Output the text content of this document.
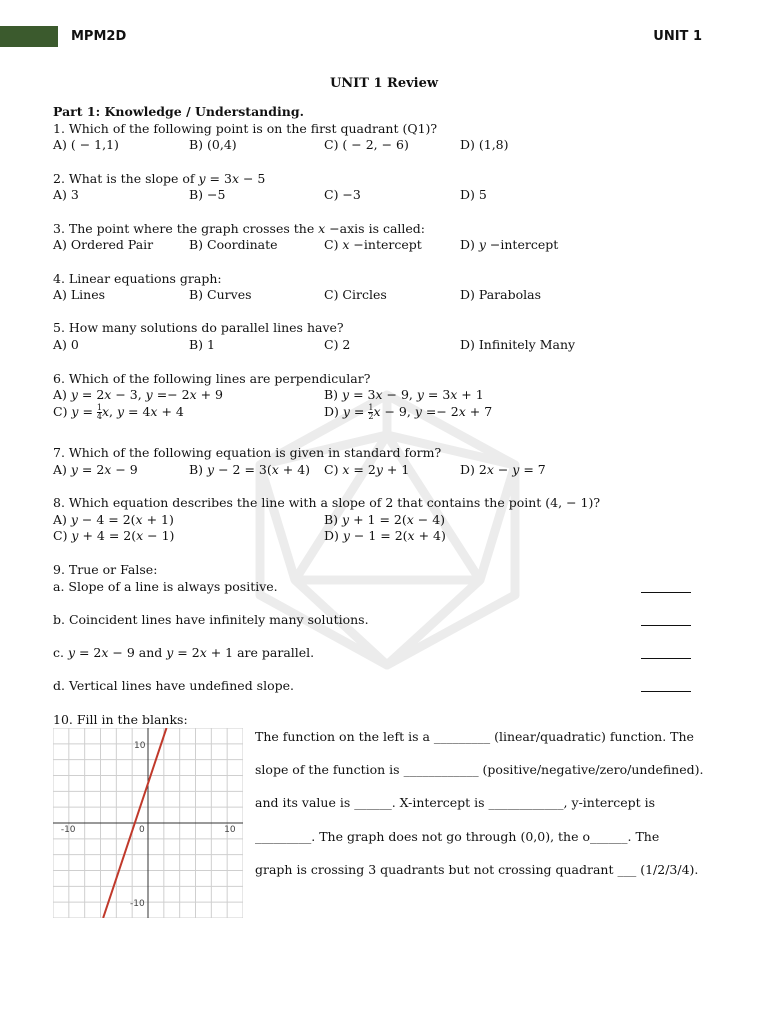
MPM2D	UNIT 1
UNIT 1 Review
Part 1: Knowledge / Understanding.
1. Which of the following point is on the first quadrant (Q1)?
A) ( − 1,1)	B) (0,4)	C) ( − 2, − 6)	D) (1,8)
2. What is the slope of 𝑦 = 3𝑥 − 5
A) 3	B) −5	C) −3	D) 5
3. The point where the graph crosses the 𝑥 −axis is called:
A) Ordered Pair	B) Coordinate	C) 𝑥 −intercept	D) 𝑦 −intercept
4. Linear equations graph:
A) Lines	B) Curves	C) Circles	D) Parabolas
5. How many solutions do parallel lines have?
A) 0	B) 1	C) 2	D) Infinitely Many
6. Which of the following lines are perpendicular?
A) 𝑦 = 2𝑥 − 3, 𝑦 =− 2𝑥 + 9	B) 𝑦 = 3𝑥 − 9, 𝑦 = 3𝑥 + 1
C) 𝑦 = $\frac{1}{4}$ 𝑥, 𝑦 = 4𝑥 + 4	D) 𝑦 = $\frac{1}{2}$ 𝑥 − 9, 𝑦 =− 2𝑥 + 7
7. Which of the following equation is given in standard form?
A) 𝑦 = 2𝑥 − 9	B) 𝑦 − 2 = 3(𝑥 + 4) C) 𝑥 = 2𝑦 + 1	D) 2𝑥 − 𝑦 = 7
8. Which equation describes the line with a slope of 2 that contains the point (4, − 1)?
A) 𝑦 − 4 = 2(𝑥 + 1)	B) 𝑦 + 1 = 2(𝑥 − 4)
C) 𝑦 + 4 = 2(𝑥 − 1)	D) 𝑦 − 1 = 2(𝑥 + 4)
9. True or False:
a. Slope of a line is always positive.
b. Coincident lines have infinitely many solutions.
c. 𝑦 = 2𝑥 − 9 and 𝑦 = 2𝑥 + 1 are parallel.
d. Vertical lines have undefined slope.
10. Fill in the blanks:
10
-10
-10	10
0
The function on the left is a _________ (linear/quadratic) function. The
slope of the function is ____________ (positive/negative/zero/undefined).
and its value is ______. X-intercept is ____________, y-intercept is
_________. The graph does not go through (0,0), the o______. The
graph is crossing 3 quadrants but not crossing quadrant ___ (1/2/3/4).
